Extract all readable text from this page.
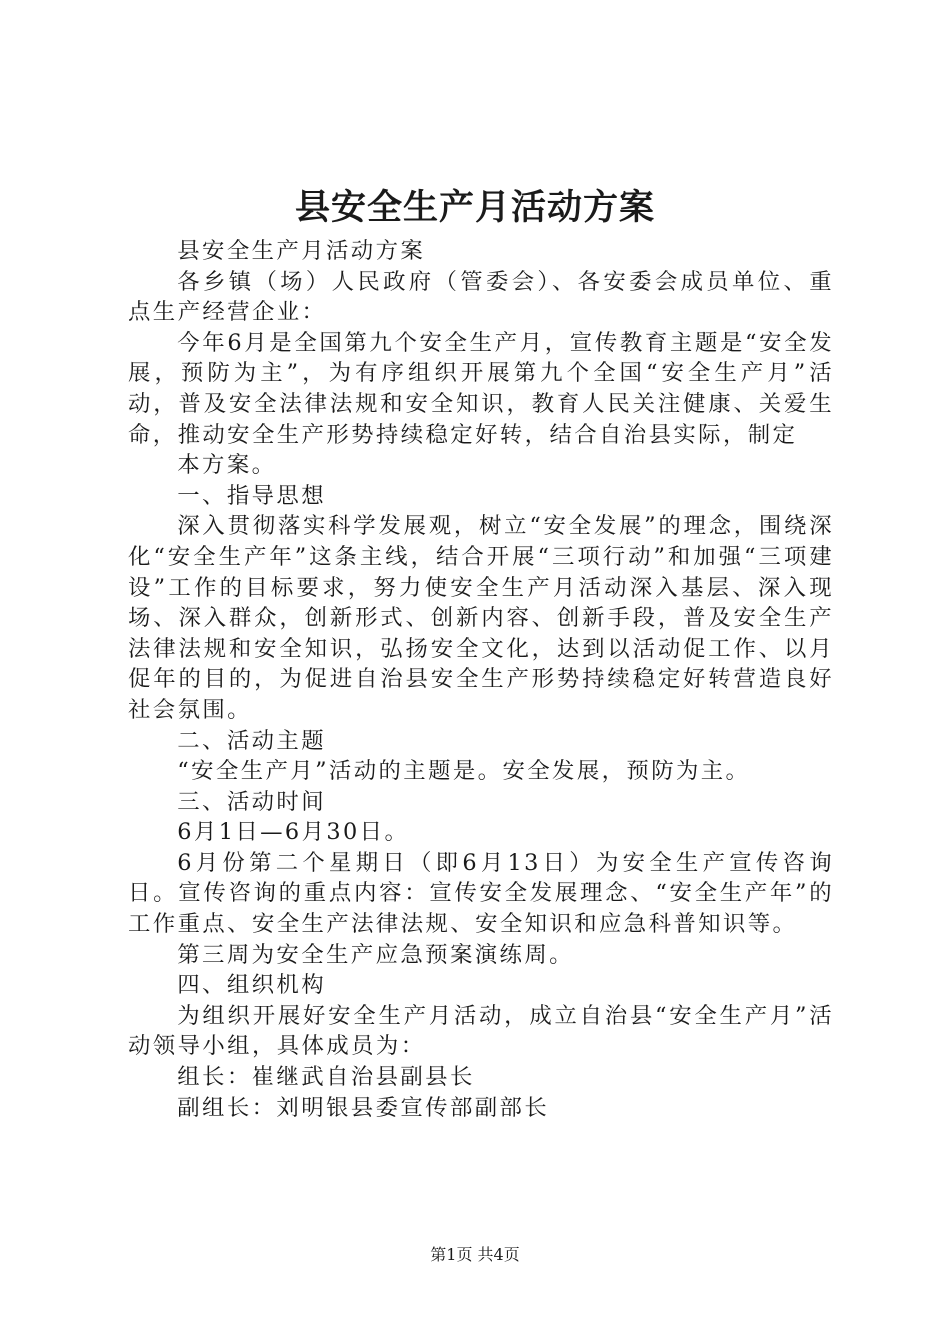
县安全生产月活动方案

县安全生产月活动方案

各乡镇（场）人民政府（管委会）、各安委会成员单位、重点生产经营企业：

今年6月是全国第九个安全生产月，宣传教育主题是“安全发展，预防为主”，为有序组织开展第九个全国“安全生产月”活动，普及安全法律法规和安全知识，教育人民关注健康、关爱生命，推动安全生产形势持续稳定好转，结合自治县实际，制定

本方案。

一、指导思想

深入贯彻落实科学发展观，树立“安全发展”的理念，围绕深化“安全生产年”这条主线，结合开展“三项行动”和加强“三项建设”工作的目标要求，努力使安全生产月活动深入基层、深入现场、深入群众，创新形式、创新内容、创新手段，普及安全生产法律法规和安全知识，弘扬安全文化，达到以活动促工作、以月促年的目的，为促进自治县安全生产形势持续稳定好转营造良好社会氛围。

二、活动主题

“安全生产月”活动的主题是。安全发展，预防为主。

三、活动时间

6月1日—6月30日。

6月份第二个星期日（即6月13日）为安全生产宣传咨询日。宣传咨询的重点内容：宣传安全发展理念、“安全生产年”的工作重点、安全生产法律法规、安全知识和应急科普知识等。

第三周为安全生产应急预案演练周。

四、组织机构

为组织开展好安全生产月活动，成立自治县“安全生产月”活动领导小组，具体成员为：

组长：崔继武自治县副县长

副组长：刘明银县委宣传部副部长

第1页 共4页
